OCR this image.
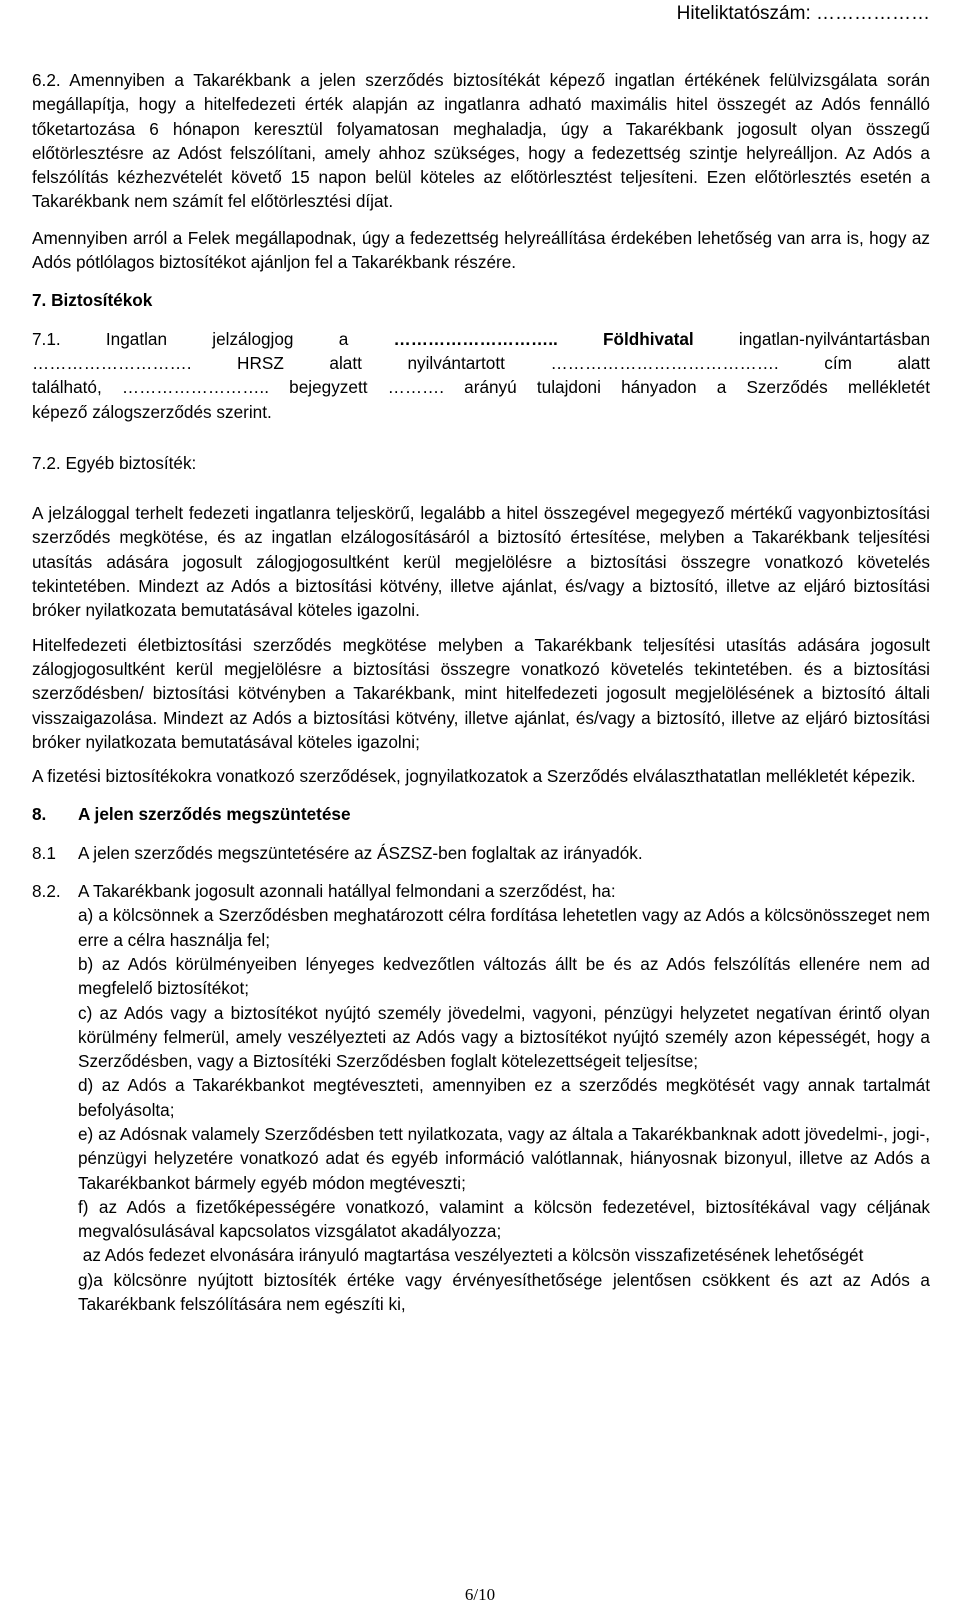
Hiteliktatószám: ………………

6.2. Amennyiben a Takarékbank a jelen szerződés biztosítékát képező ingatlan értékének felülvizsgálata során megállapítja, hogy a hitelfedezeti érték alapján az ingatlanra adható maximális hitel összegét az Adós fennálló tőketartozása 6 hónapon keresztül folyamatosan meghaladja, úgy a Takarékbank jogosult olyan összegű előtörlesztésre az Adóst felszólítani, amely ahhoz szükséges, hogy a fedezettség szintje helyreálljon. Az Adós a felszólítás kézhezvételét követő 15 napon belül köteles az előtörlesztést teljesíteni. Ezen előtörlesztés esetén a Takarékbank nem számít fel előtörlesztési díjat.

Amennyiben arról a Felek megállapodnak, úgy a fedezettség helyreállítása érdekében lehetőség van arra is, hogy az Adós pótlólagos biztosítékot ajánljon fel a Takarékbank részére.

7. Biztosítékok

7.1. Ingatlan jelzálogjog a ……………………….. Földhivatal ingatlan-nyilvántartásban

………………………. HRSZ alatt nyilvántartott …………………………………. cím alatt

található, …………………….. bejegyzett ………. arányú tulajdoni hányadon a Szerződés mellékletét

képező zálogszerződés szerint.

7.2. Egyéb biztosíték:

A jelzáloggal terhelt fedezeti ingatlanra teljeskörű, legalább a hitel összegével megegyező mértékű vagyonbiztosítási szerződés megkötése, és az ingatlan elzálogosításáról a biztosító értesítése, melyben a Takarékbank teljesítési utasítás adására jogosult zálogjogosultként kerül megjelölésre a biztosítási összegre vonatkozó követelés tekintetében. Mindezt az Adós a biztosítási kötvény, illetve ajánlat, és/vagy a biztosító, illetve az eljáró biztosítási bróker nyilatkozata bemutatásával köteles igazolni.

Hitelfedezeti életbiztosítási szerződés megkötése melyben a Takarékbank teljesítési utasítás adására jogosult zálogjogosultként kerül megjelölésre a biztosítási összegre vonatkozó követelés tekintetében. és a biztosítási szerződésben/ biztosítási kötvényben a Takarékbank, mint hitelfedezeti jogosult megjelölésének a biztosító általi visszaigazolása. Mindezt az Adós a biztosítási kötvény, illetve ajánlat, és/vagy a biztosító, illetve az eljáró biztosítási bróker nyilatkozata bemutatásával köteles igazolni;

A fizetési biztosítékokra vonatkozó szerződések, jognyilatkozatok a Szerződés elválaszthatatlan mellékletét képezik.

8.	A jelen szerződés megszüntetése
8.1	A jelen szerződés megszüntetésére az ÁSZSZ-ben foglaltak az irányadók.
8.2.	A Takarékbank jogosult azonnali hatállyal felmondani a szerződést, ha:

a) a kölcsönnek a Szerződésben meghatározott célra fordítása lehetetlen vagy az Adós a kölcsönösszeget nem erre a célra használja fel;

b) az Adós körülményeiben lényeges kedvezőtlen változás állt be és az Adós felszólítás ellenére nem ad megfelelő biztosítékot;

c) az Adós vagy a biztosítékot nyújtó személy jövedelmi, vagyoni, pénzügyi helyzetet negatívan érintő olyan körülmény felmerül, amely veszélyezteti az Adós vagy a biztosítékot nyújtó személy azon képességét, hogy a Szerződésben, vagy a Biztosítéki Szerződésben foglalt kötelezettségeit teljesítse;

d) az Adós a Takarékbankot megtéveszteti, amennyiben ez a szerződés megkötését vagy annak tartalmát befolyásolta;

e) az Adósnak valamely Szerződésben tett nyilatkozata, vagy az általa a Takarékbanknak adott jövedelmi-, jogi-, pénzügyi helyzetére vonatkozó adat és egyéb információ valótlannak, hiányosnak bizonyul, illetve az Adós a Takarékbankot bármely egyéb módon megtéveszti;

f) az Adós a fizetőképességére vonatkozó, valamint a kölcsön fedezetével, biztosítékával vagy céljának megvalósulásával kapcsolatos vizsgálatot akadályozza;

az Adós fedezet elvonására irányuló magtartása veszélyezteti a kölcsön visszafizetésének lehetőségét

g)a kölcsönre nyújtott biztosíték értéke vagy érvényesíthetősége jelentősen csökkent és azt az Adós a Takarékbank felszólítására nem egészíti ki,

6/10
